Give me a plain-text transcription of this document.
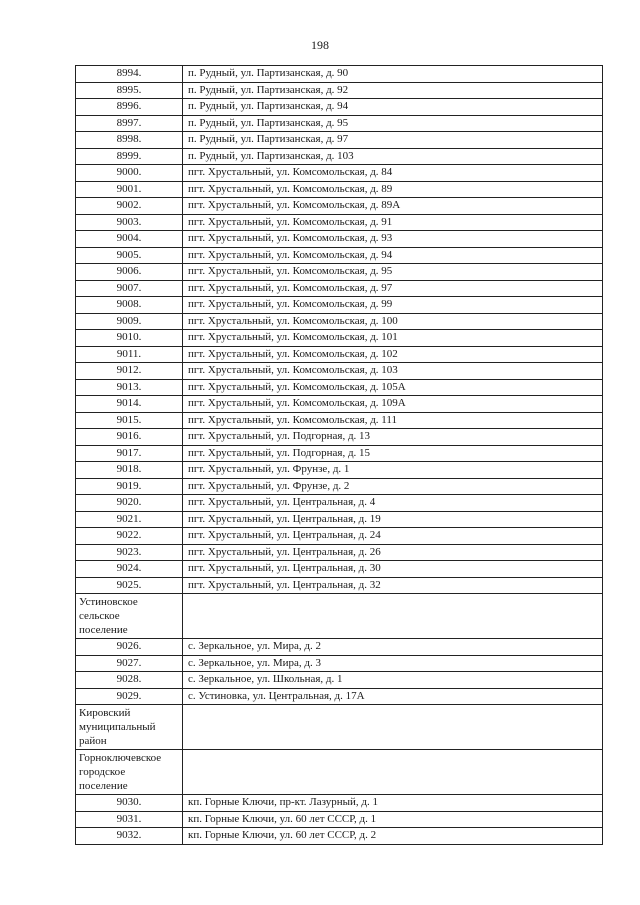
198
8994.	п. Рудный, ул. Партизанская, д. 90
8995.	п. Рудный, ул. Партизанская, д. 92
8996.	п. Рудный, ул. Партизанская, д. 94
8997.	п. Рудный, ул. Партизанская, д. 95
8998.	п. Рудный, ул. Партизанская, д. 97
8999.	п. Рудный, ул. Партизанская, д. 103
9000.	пгт. Хрустальный, ул. Комсомольская, д. 84
9001.	пгт. Хрустальный, ул. Комсомольская, д. 89
9002.	пгт. Хрустальный, ул. Комсомольская, д. 89А
9003.	пгт. Хрустальный, ул. Комсомольская, д. 91
9004.	пгт. Хрустальный, ул. Комсомольская, д. 93
9005.	пгт. Хрустальный, ул. Комсомольская, д. 94
9006.	пгт. Хрустальный, ул. Комсомольская, д. 95
9007.	пгт. Хрустальный, ул. Комсомольская, д. 97
9008.	пгт. Хрустальный, ул. Комсомольская, д. 99
9009.	пгт. Хрустальный, ул. Комсомольская, д. 100
9010.	пгт. Хрустальный, ул. Комсомольская, д. 101
9011.	пгт. Хрустальный, ул. Комсомольская, д. 102
9012.	пгт. Хрустальный, ул. Комсомольская, д. 103
9013.	пгт. Хрустальный, ул. Комсомольская, д. 105А
9014.	пгт. Хрустальный, ул. Комсомольская, д. 109А
9015.	пгт. Хрустальный, ул. Комсомольская, д. 111
9016.	пгт. Хрустальный, ул. Подгорная, д. 13
9017.	пгт. Хрустальный, ул. Подгорная, д. 15
9018.	пгт. Хрустальный, ул. Фрунзе, д. 1
9019.	пгт. Хрустальный, ул. Фрунзе, д. 2
9020.	пгт. Хрустальный, ул. Центральная, д. 4
9021.	пгт. Хрустальный, ул. Центральная, д. 19
9022.	пгт. Хрустальный, ул. Центральная, д. 24
9023.	пгт. Хрустальный, ул. Центральная, д. 26
9024.	пгт. Хрустальный, ул. Центральная, д. 30
9025.	пгт. Хрустальный, ул. Центральная, д. 32

Устиновское
сельское
поселение	

9026.	с. Зеркальное, ул. Мира, д. 2
9027.	с. Зеркальное, ул. Мира, д. 3
9028.	с. Зеркальное, ул. Школьная, д. 1
9029.	с. Устиновка, ул. Центральная, д. 17А

Кировский
муниципальный
район	

Горноключевское
городское
поселение	

9030.	кп. Горные Ключи, пр-кт. Лазурный, д. 1
9031.	кп. Горные Ключи, ул. 60 лет СССР, д. 1
9032.	кп. Горные Ключи, ул. 60 лет СССР, д. 2
